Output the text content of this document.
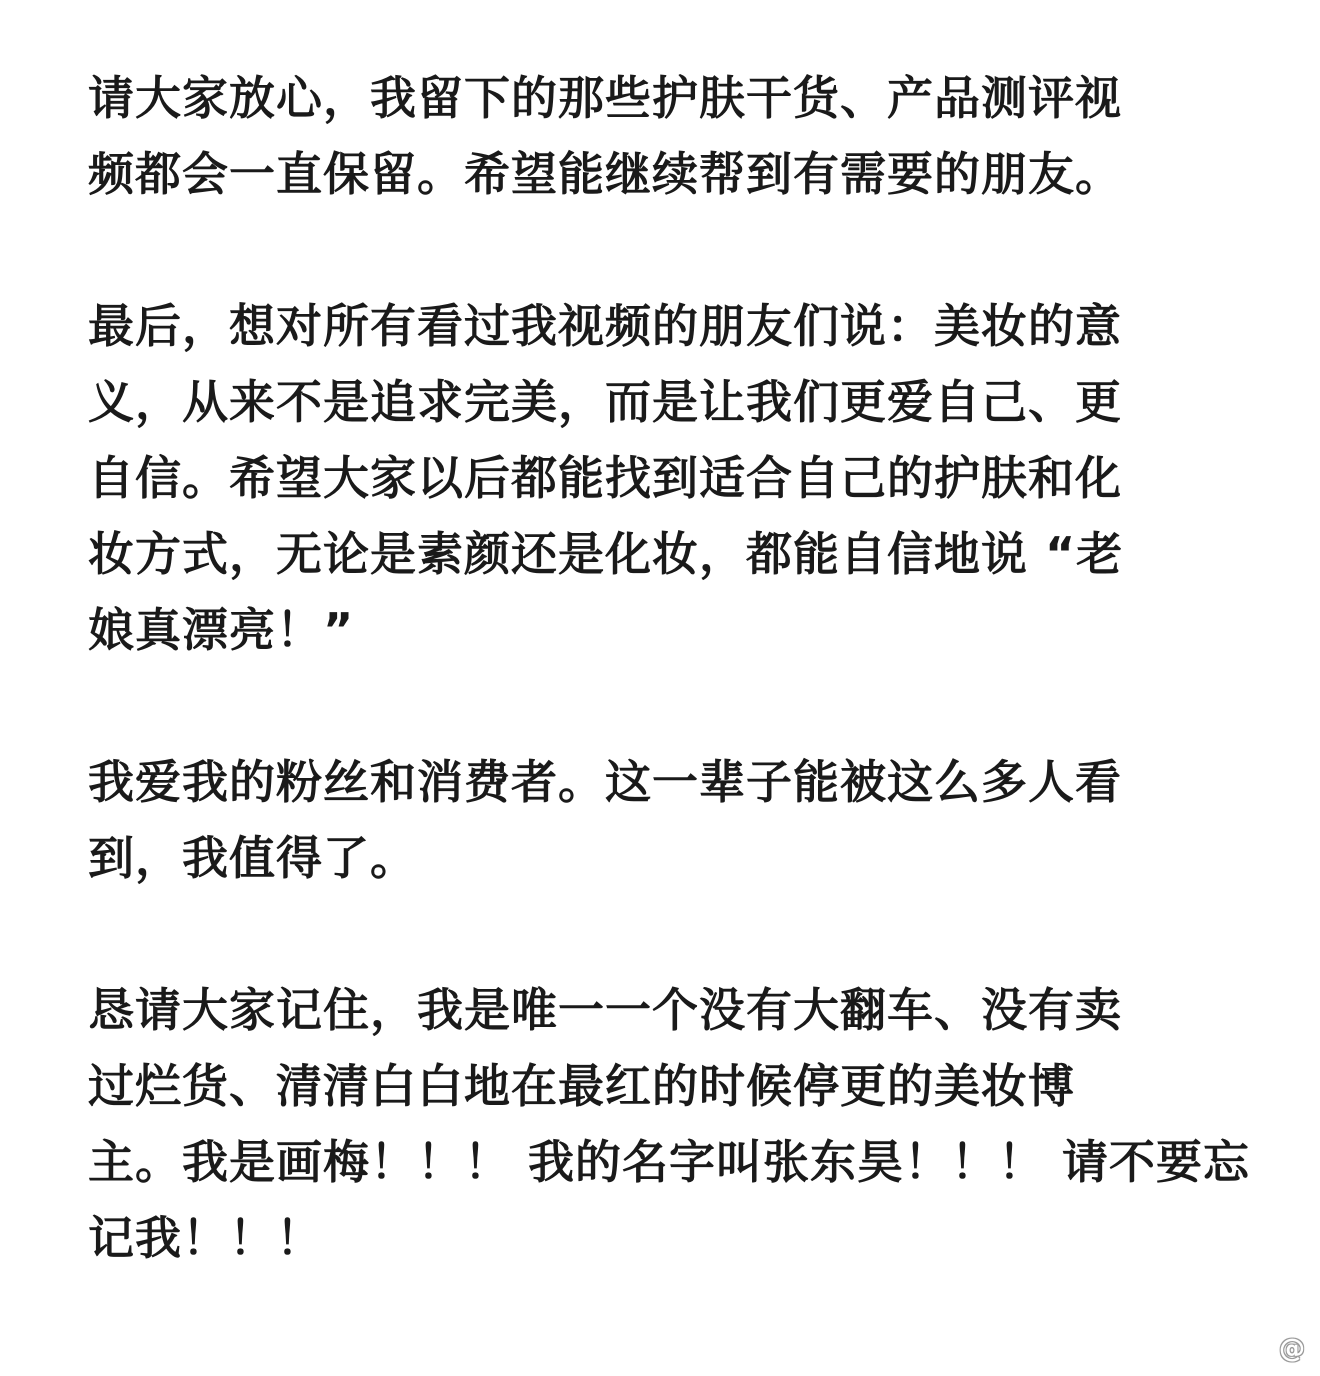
请大家放心，我留下的那些护肤干货、产品测评视
频都会一直保留。希望能继续帮到有需要的朋友。

最后，想对所有看过我视频的朋友们说：美妆的意
义，从来不是追求完美，而是让我们更爱自己、更
自信。希望大家以后都能找到适合自己的护肤和化
妆方式，无论是素颜还是化妆，都能自信地说 “老
娘真漂亮！”

我爱我的粉丝和消费者。这一辈子能被这么多人看
到，我值得了。

恳请大家记住，我是唯一一个没有大翻车、没有卖
过烂货、清清白白地在最红的时候停更的美妆博
主。我是画梅！！！ 我的名字叫张东昊！！！ 请不要忘
记我！！！

@
